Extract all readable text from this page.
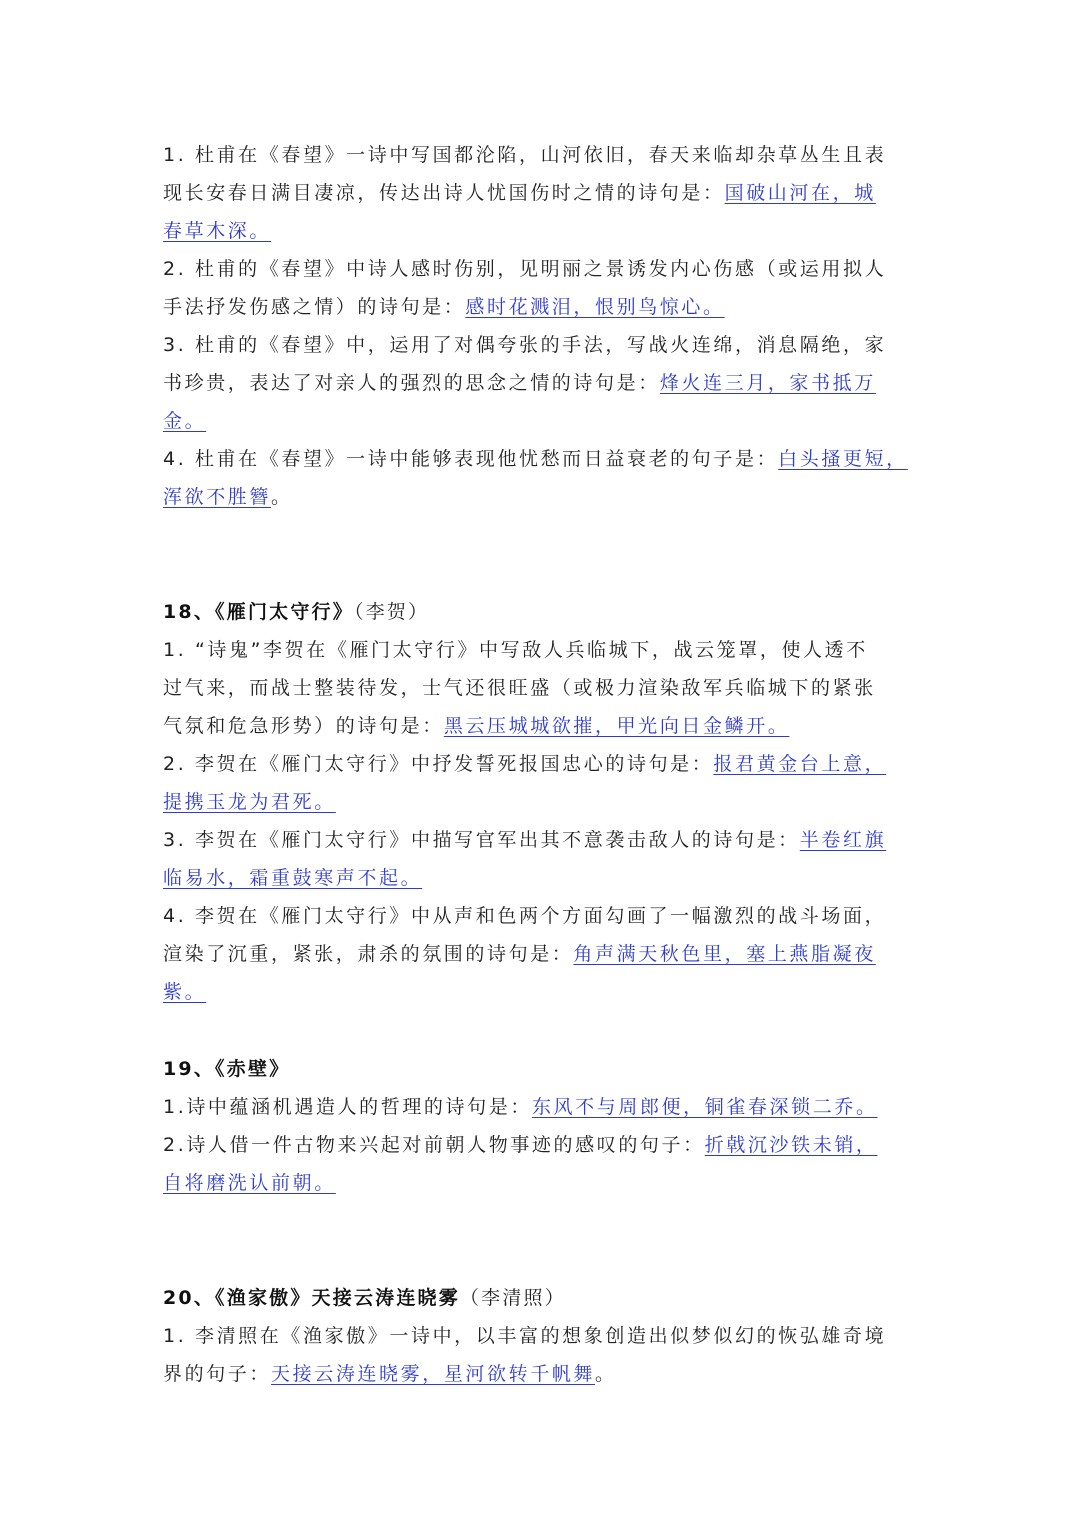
1. 杜甫在《春望》一诗中写国都沦陷，山河依旧，春天来临却杂草丛生且表
现长安春日满目凄凉，传达出诗人忧国伤时之情的诗句是：国破山河在，城
春草木深。
2. 杜甫的《春望》中诗人感时伤别，见明丽之景诱发内心伤感（或运用拟人
手法抒发伤感之情）的诗句是：感时花溅泪，恨别鸟惊心。
3. 杜甫的《春望》中，运用了对偶夸张的手法，写战火连绵，消息隔绝，家
书珍贵，表达了对亲人的强烈的思念之情的诗句是：烽火连三月，家书抵万
金。
4. 杜甫在《春望》一诗中能够表现他忧愁而日益衰老的句子是：白头搔更短，
浑欲不胜簪。
18、《雁门太守行》（李贺）
1. “诗鬼”李贺在《雁门太守行》中写敌人兵临城下，战云笼罩，使人透不
过气来，而战士整装待发，士气还很旺盛（或极力渲染敌军兵临城下的紧张
气氛和危急形势）的诗句是：黑云压城城欲摧，甲光向日金鳞开。
2. 李贺在《雁门太守行》中抒发誓死报国忠心的诗句是：报君黄金台上意，
提携玉龙为君死。
3. 李贺在《雁门太守行》中描写官军出其不意袭击敌人的诗句是：半卷红旗
临易水，霜重鼓寒声不起。
4. 李贺在《雁门太守行》中从声和色两个方面勾画了一幅激烈的战斗场面，
渲染了沉重，紧张，肃杀的氛围的诗句是：角声满天秋色里，塞上燕脂凝夜
紫。
19、《赤壁》
1.诗中蕴涵机遇造人的哲理的诗句是：东风不与周郎便，铜雀春深锁二乔。
2.诗人借一件古物来兴起对前朝人物事迹的感叹的句子：折戟沉沙铁未销，
自将磨洗认前朝。
20、《渔家傲》天接云涛连晓雾（李清照）
1. 李清照在《渔家傲》一诗中，以丰富的想象创造出似梦似幻的恢弘雄奇境
界的句子：天接云涛连晓雾，星河欲转千帆舞。
